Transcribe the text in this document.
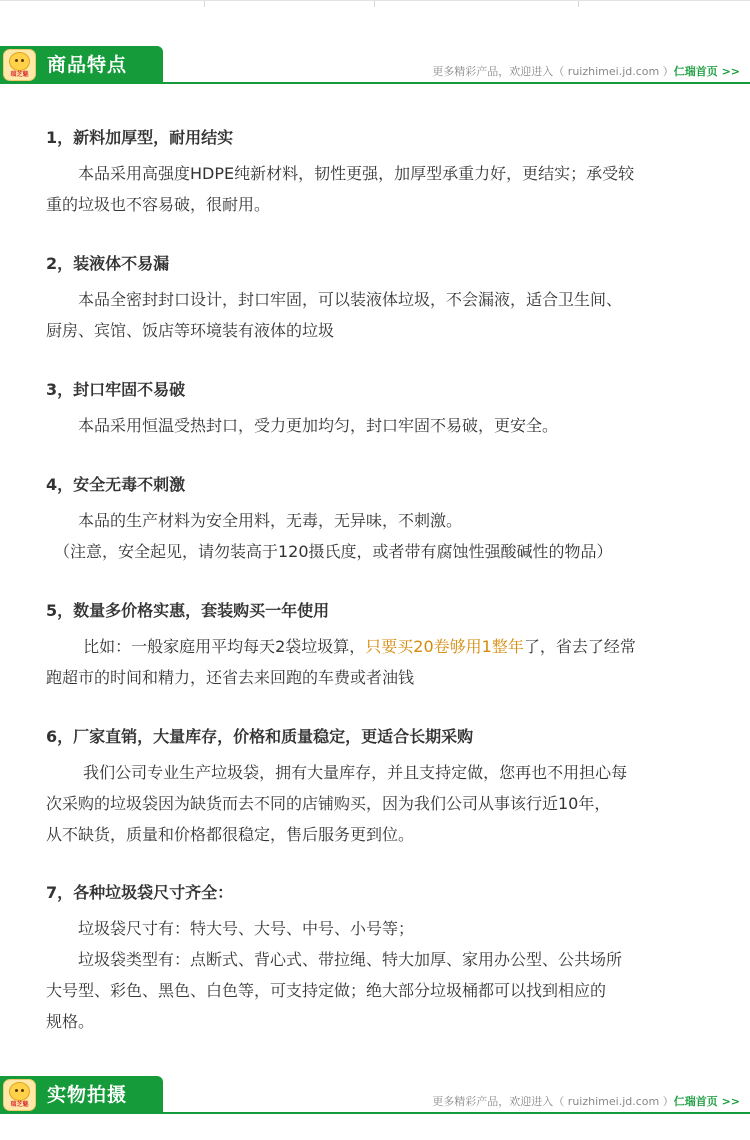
瑞芝魅 商品特点	更多精彩产品，欢迎进入（ ruizhimei.jd.com ）仁瑞首页 >>
1，新料加厚型，耐用结实

　　本品采用高强度HDPE纯新材料，韧性更强，加厚型承重力好，更结实；承受较
重的垃圾也不容易破，很耐用。

2，装液体不易漏

　　本品全密封封口设计，封口牢固，可以装液体垃圾，不会漏液，适合卫生间、
厨房、宾馆、饭店等环境装有液体的垃圾

3，封口牢固不易破

　　本品采用恒温受热封口，受力更加均匀，封口牢固不易破，更安全。

4，安全无毒不刺激

　　本品的生产材料为安全用料，无毒，无异味，不刺激。
　（注意，安全起见，请勿装高于120摄氏度，或者带有腐蚀性强酸碱性的物品）

5，数量多价格实惠，套装购买一年使用

　　 比如：一般家庭用平均每天2袋垃圾算，只要买20卷够用1整年了，省去了经常
跑超市的时间和精力，还省去来回跑的车费或者油钱

6，厂家直销，大量库存，价格和质量稳定，更适合长期采购

　　 我们公司专业生产垃圾袋，拥有大量库存，并且支持定做，您再也不用担心每
次采购的垃圾袋因为缺货而去不同的店铺购买，因为我们公司从事该行近10年，
从不缺货，质量和价格都很稳定，售后服务更到位。

7，各种垃圾袋尺寸齐全：

　　垃圾袋尺寸有：特大号、大号、中号、小号等；
　　垃圾袋类型有：点断式、背心式、带拉绳、特大加厚、家用办公型、公共场所
大号型、彩色、黑色、白色等，可支持定做；绝大部分垃圾桶都可以找到相应的
规格。

瑞芝魅 实物拍摄	更多精彩产品，欢迎进入（ ruizhimei.jd.com ）仁瑞首页 >>
